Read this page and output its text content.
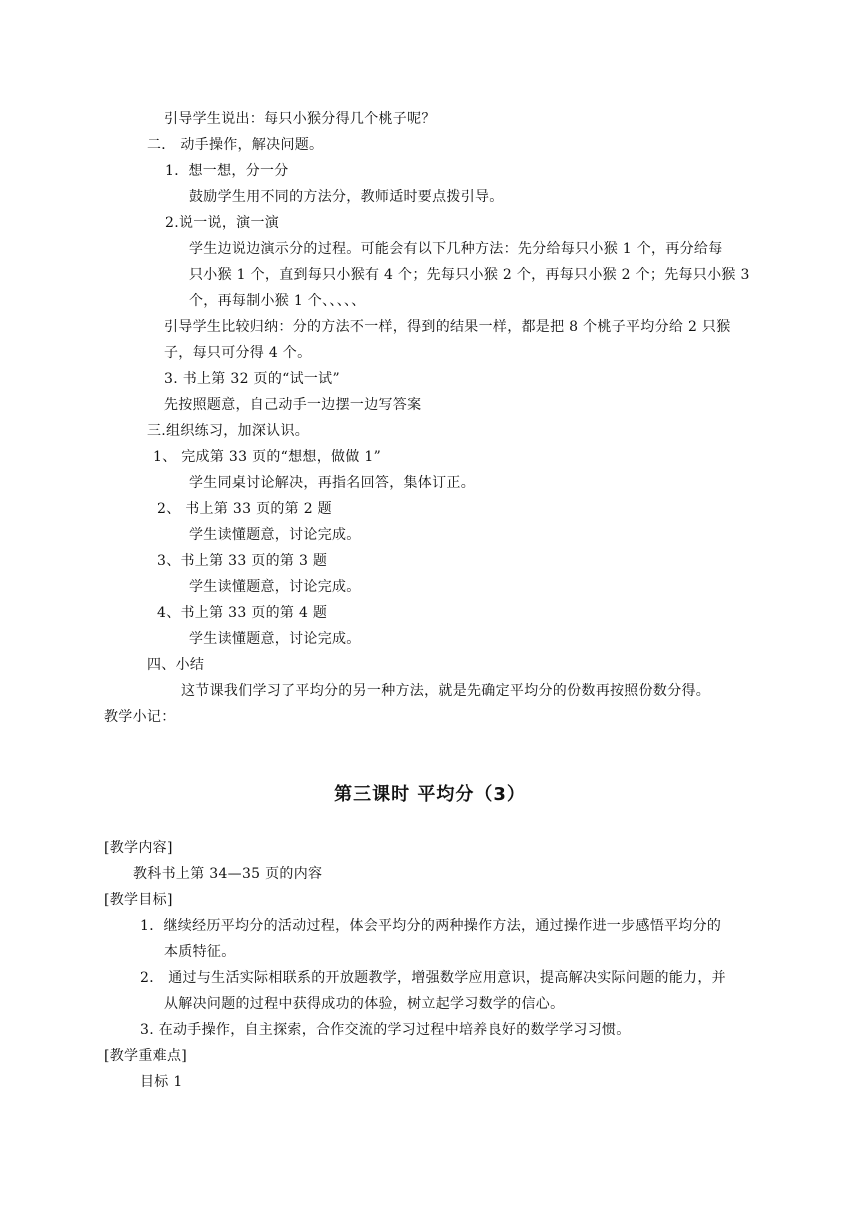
引导学生说出：每只小猴分得几个桃子呢？
二． 动手操作，解决问题。
1．想一想，分一分
鼓励学生用不同的方法分，教师适时要点拨引导。
2.说一说，演一演
学生边说边演示分的过程。可能会有以下几种方法：先分给每只小猴 1 个，再分给每
只小猴 1 个，直到每只小猴有 4 个；先每只小猴 2 个，再每只小猴 2 个；先每只小猴 3
个，再每制小猴 1 个、、、、、
引导学生比较归纳：分的方法不一样，得到的结果一样，都是把 8 个桃子平均分给 2 只猴
子，每只可分得 4 个。
3. 书上第 32 页的“试一试”
先按照题意，自己动手一边摆一边写答案
三.组织练习，加深认识。
1、 完成第 33 页的“想想，做做 1”
学生同桌讨论解决，再指名回答，集体订正。
2、 书上第 33 页的第 2 题
学生读懂题意，讨论完成。
3、书上第 33 页的第 3 题
学生读懂题意，讨论完成。
4、书上第 33 页的第 4 题
学生读懂题意，讨论完成。
四、小结
这节课我们学习了平均分的另一种方法，就是先确定平均分的份数再按照份数分得。
教学小记：
第三课时 平均分（3）
[教学内容]
教科书上第 34—35 页的内容
[教学目标]
1．继续经历平均分的活动过程，体会平均分的两种操作方法，通过操作进一步感悟平均分的
本质特征。
2． 通过与生活实际相联系的开放题教学，增强数学应用意识，提高解决实际问题的能力，并
从解决问题的过程中获得成功的体验，树立起学习数学的信心。
3. 在动手操作，自主探索，合作交流的学习过程中培养良好的数学学习习惯。
[教学重难点]
目标 1
